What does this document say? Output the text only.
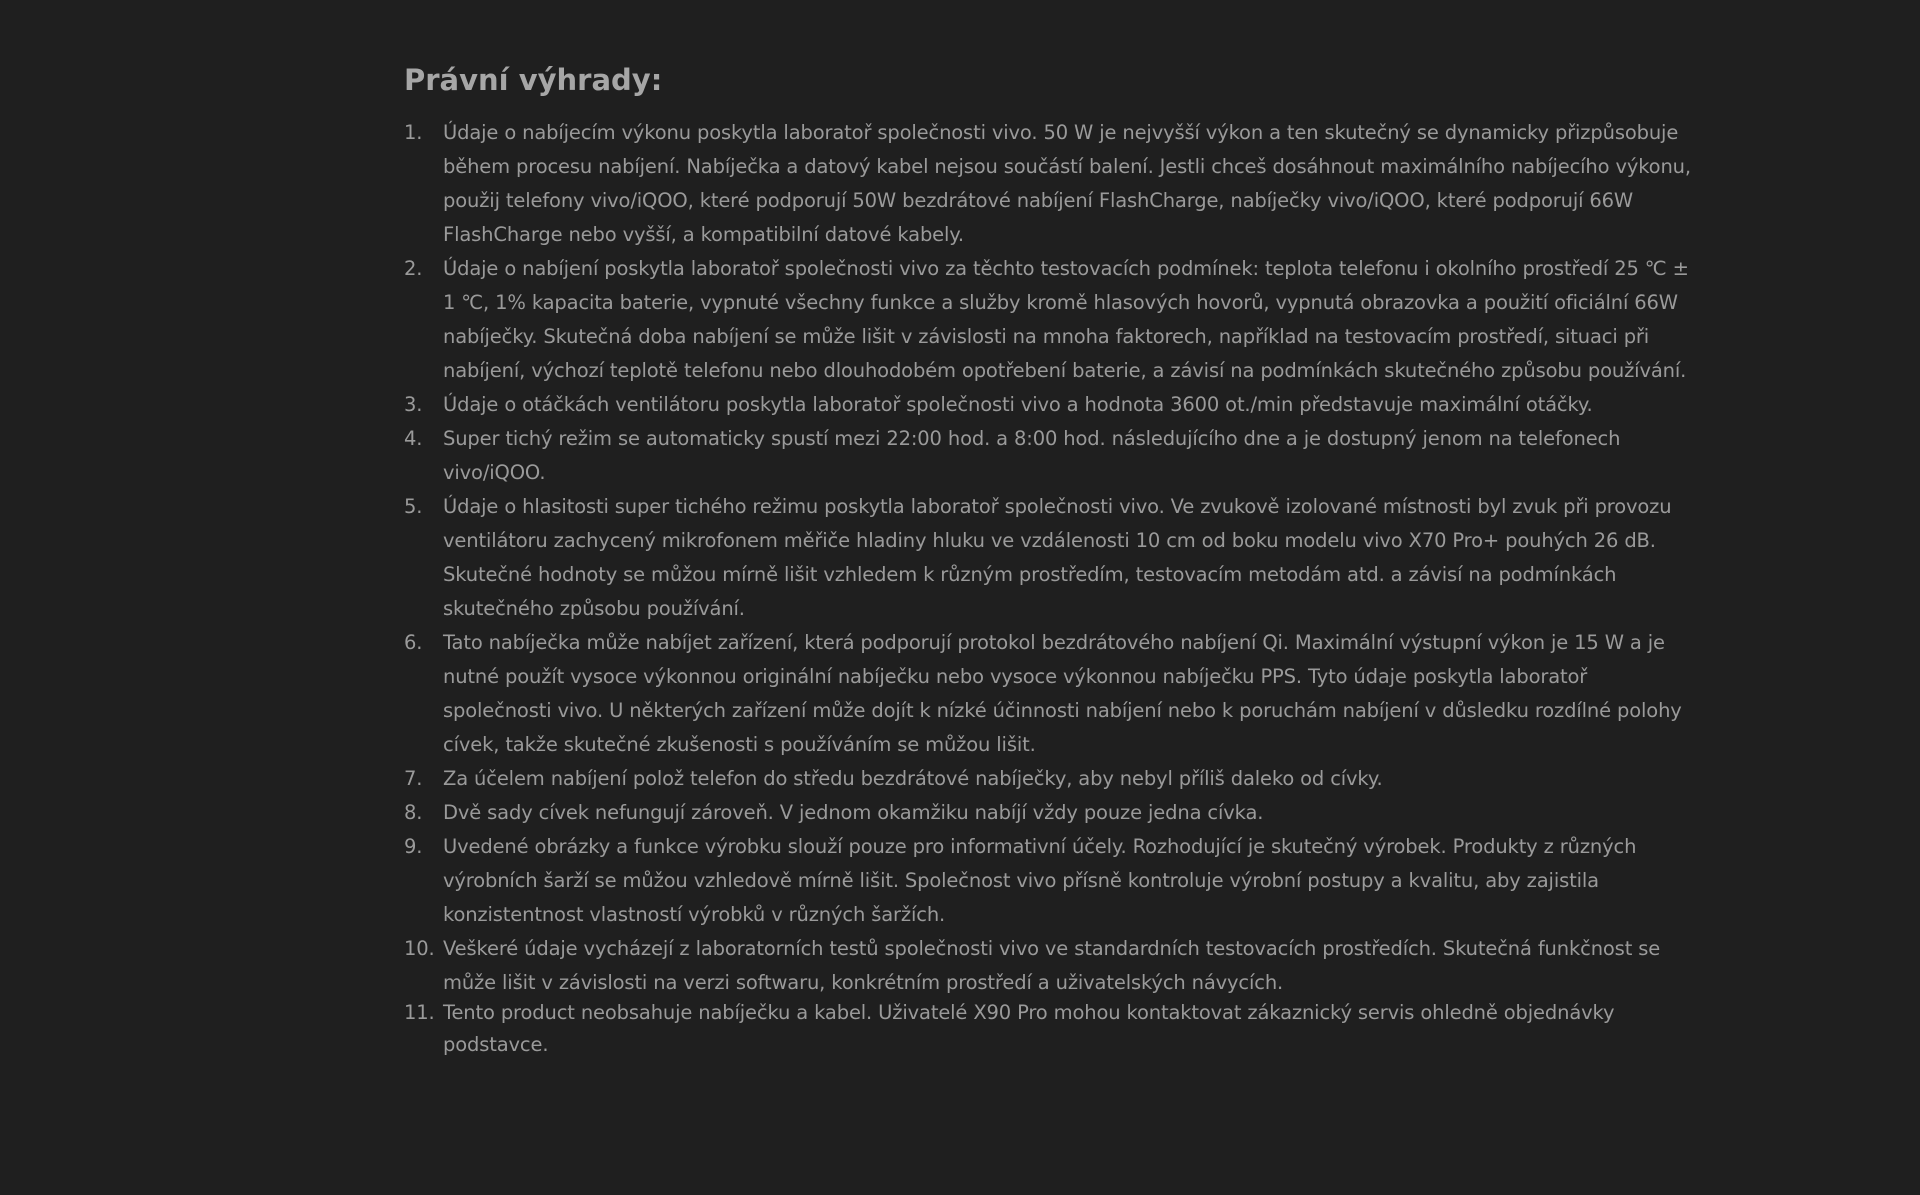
Právní výhrady:
1.	Údaje o nabíjecím výkonu poskytla laboratoř společnosti vivo. 50 W je nejvyšší výkon a ten skutečný se dynamicky přizpůsobuje během procesu nabíjení. Nabíječka a datový kabel nejsou součástí balení. Jestli chceš dosáhnout maximálního nabíjecího výkonu, použij telefony vivo/iQOO, které podporují 50W bezdrátové nabíjení FlashCharge, nabíječky vivo/iQOO, které podporují 66W FlashCharge nebo vyšší, a kompatibilní datové kabely.
2.	Údaje o nabíjení poskytla laboratoř společnosti vivo za těchto testovacích podmínek: teplota telefonu i okolního prostředí 25 ℃ ± 1 ℃, 1% kapacita baterie, vypnuté všechny funkce a služby kromě hlasových hovorů, vypnutá obrazovka a použití oficiální 66W nabíječky. Skutečná doba nabíjení se může lišit v závislosti na mnoha faktorech, například na testovacím prostředí, situaci při nabíjení, výchozí teplotě telefonu nebo dlouhodobém opotřebení baterie, a závisí na podmínkách skutečného způsobu používání.
3.	Údaje o otáčkách ventilátoru poskytla laboratoř společnosti vivo a hodnota 3600 ot./min představuje maximální otáčky.
4.	Super tichý režim se automaticky spustí mezi 22:00 hod. a 8:00 hod. následujícího dne a je dostupný jenom na telefonech vivo/iQOO.
5.	Údaje o hlasitosti super tichého režimu poskytla laboratoř společnosti vivo. Ve zvukově izolované místnosti byl zvuk při provozu ventilátoru zachycený mikrofonem měřiče hladiny hluku ve vzdálenosti 10 cm od boku modelu vivo X70 Pro+ pouhých 26 dB. Skutečné hodnoty se můžou mírně lišit vzhledem k různým prostředím, testovacím metodám atd. a závisí na podmínkách skutečného způsobu používání.
6.	Tato nabíječka může nabíjet zařízení, která podporují protokol bezdrátového nabíjení Qi. Maximální výstupní výkon je 15 W a je nutné použít vysoce výkonnou originální nabíječku nebo vysoce výkonnou nabíječku PPS. Tyto údaje poskytla laboratoř společnosti vivo. U některých zařízení může dojít k nízké účinnosti nabíjení nebo k poruchám nabíjení v důsledku rozdílné polohy cívek, takže skutečné zkušenosti s používáním se můžou lišit.
7.	Za účelem nabíjení polož telefon do středu bezdrátové nabíječky, aby nebyl příliš daleko od cívky.
8.	Dvě sady cívek nefungují zároveň. V jednom okamžiku nabíjí vždy pouze jedna cívka.
9.	Uvedené obrázky a funkce výrobku slouží pouze pro informativní účely. Rozhodující je skutečný výrobek. Produkty z různých výrobních šarží se můžou vzhledově mírně lišit. Společnost vivo přísně kontroluje výrobní postupy a kvalitu, aby zajistila konzistentnost vlastností výrobků v různých šaržích.
10. Veškeré údaje vycházejí z laboratorních testů společnosti vivo ve standardních testovacích prostředích. Skutečná funkčnost se může lišit v závislosti na verzi softwaru, konkrétním prostředí a uživatelských návycích.
11. Tento product neobsahuje nabíječku a kabel. Uživatelé X90 Pro mohou kontaktovat zákaznický servis ohledně objednávky podstavce.
